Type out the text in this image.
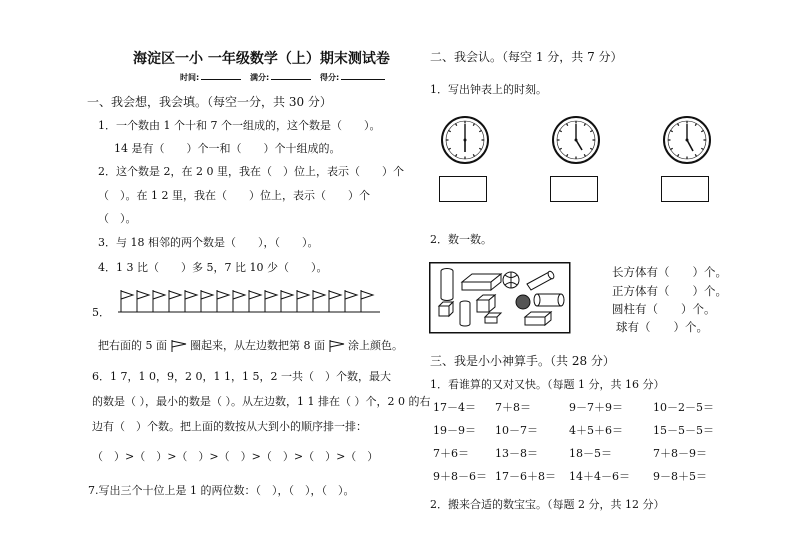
海淀区一小 一年级数学（上）期末测试卷
时间:	满分:	得分:
一、我会想，我会填。（每空一分，共 30 分）
1．一个数由 1 个十和 7 个一组成的，这个数是（　　）。
14 是有（　　）个一和（　　）个十组成的。
2．这个数是 2，在 2 0 里，我在（　）位上，表示（　　）个
（　）。在 1 2 里，我在（　　）位上，表示（　　）个
（　）。
3．与 18 相邻的两个数是（　　），（　　）。
4．1 3 比（　　）多 5，7 比 10 少（　　）。
5．
把右面的 5 面 圈起来，从左边数把第 8 面 涂上颜色。
6．1 7，1 0，9，2 0，1 1，1 5，2 一共（　）个数，最大
的数是（ ），最小的数是（ ）。从左边数，1 1 排在（ ）个，2 0 的右
边有（　）个数。把上面的数按从大到小的顺序排一排：
（　）>（　）>（　）>（　）>（　）>（　）>（　）
7.写出三个十位上是 1 的两位数：（　），（　），（　）。
二、我会认。（每空 1 分，共 7 分）
1．写出钟表上的时刻。
2．数一数。
长方体有（　　）个。
正方体有（　　）个。
圆柱有（　　）个。
球有（　　）个。
三、我是小小神算手。（共 28 分）
1．看谁算的又对又快。（每题 1 分，共 16 分）
17－4＝ 7＋8＝	9－7＋9＝	10－2－5＝
19－9＝ 10－7＝	4＋5＋6＝	15－5－5＝
7＋6＝ 13－8＝	18－5＝	7＋8－9＝
9＋8－6＝ 17－6＋8＝ 14＋4－6＝ 9－8＋5＝
2．搬来合适的数宝宝。（每题 2 分，共 12 分）
